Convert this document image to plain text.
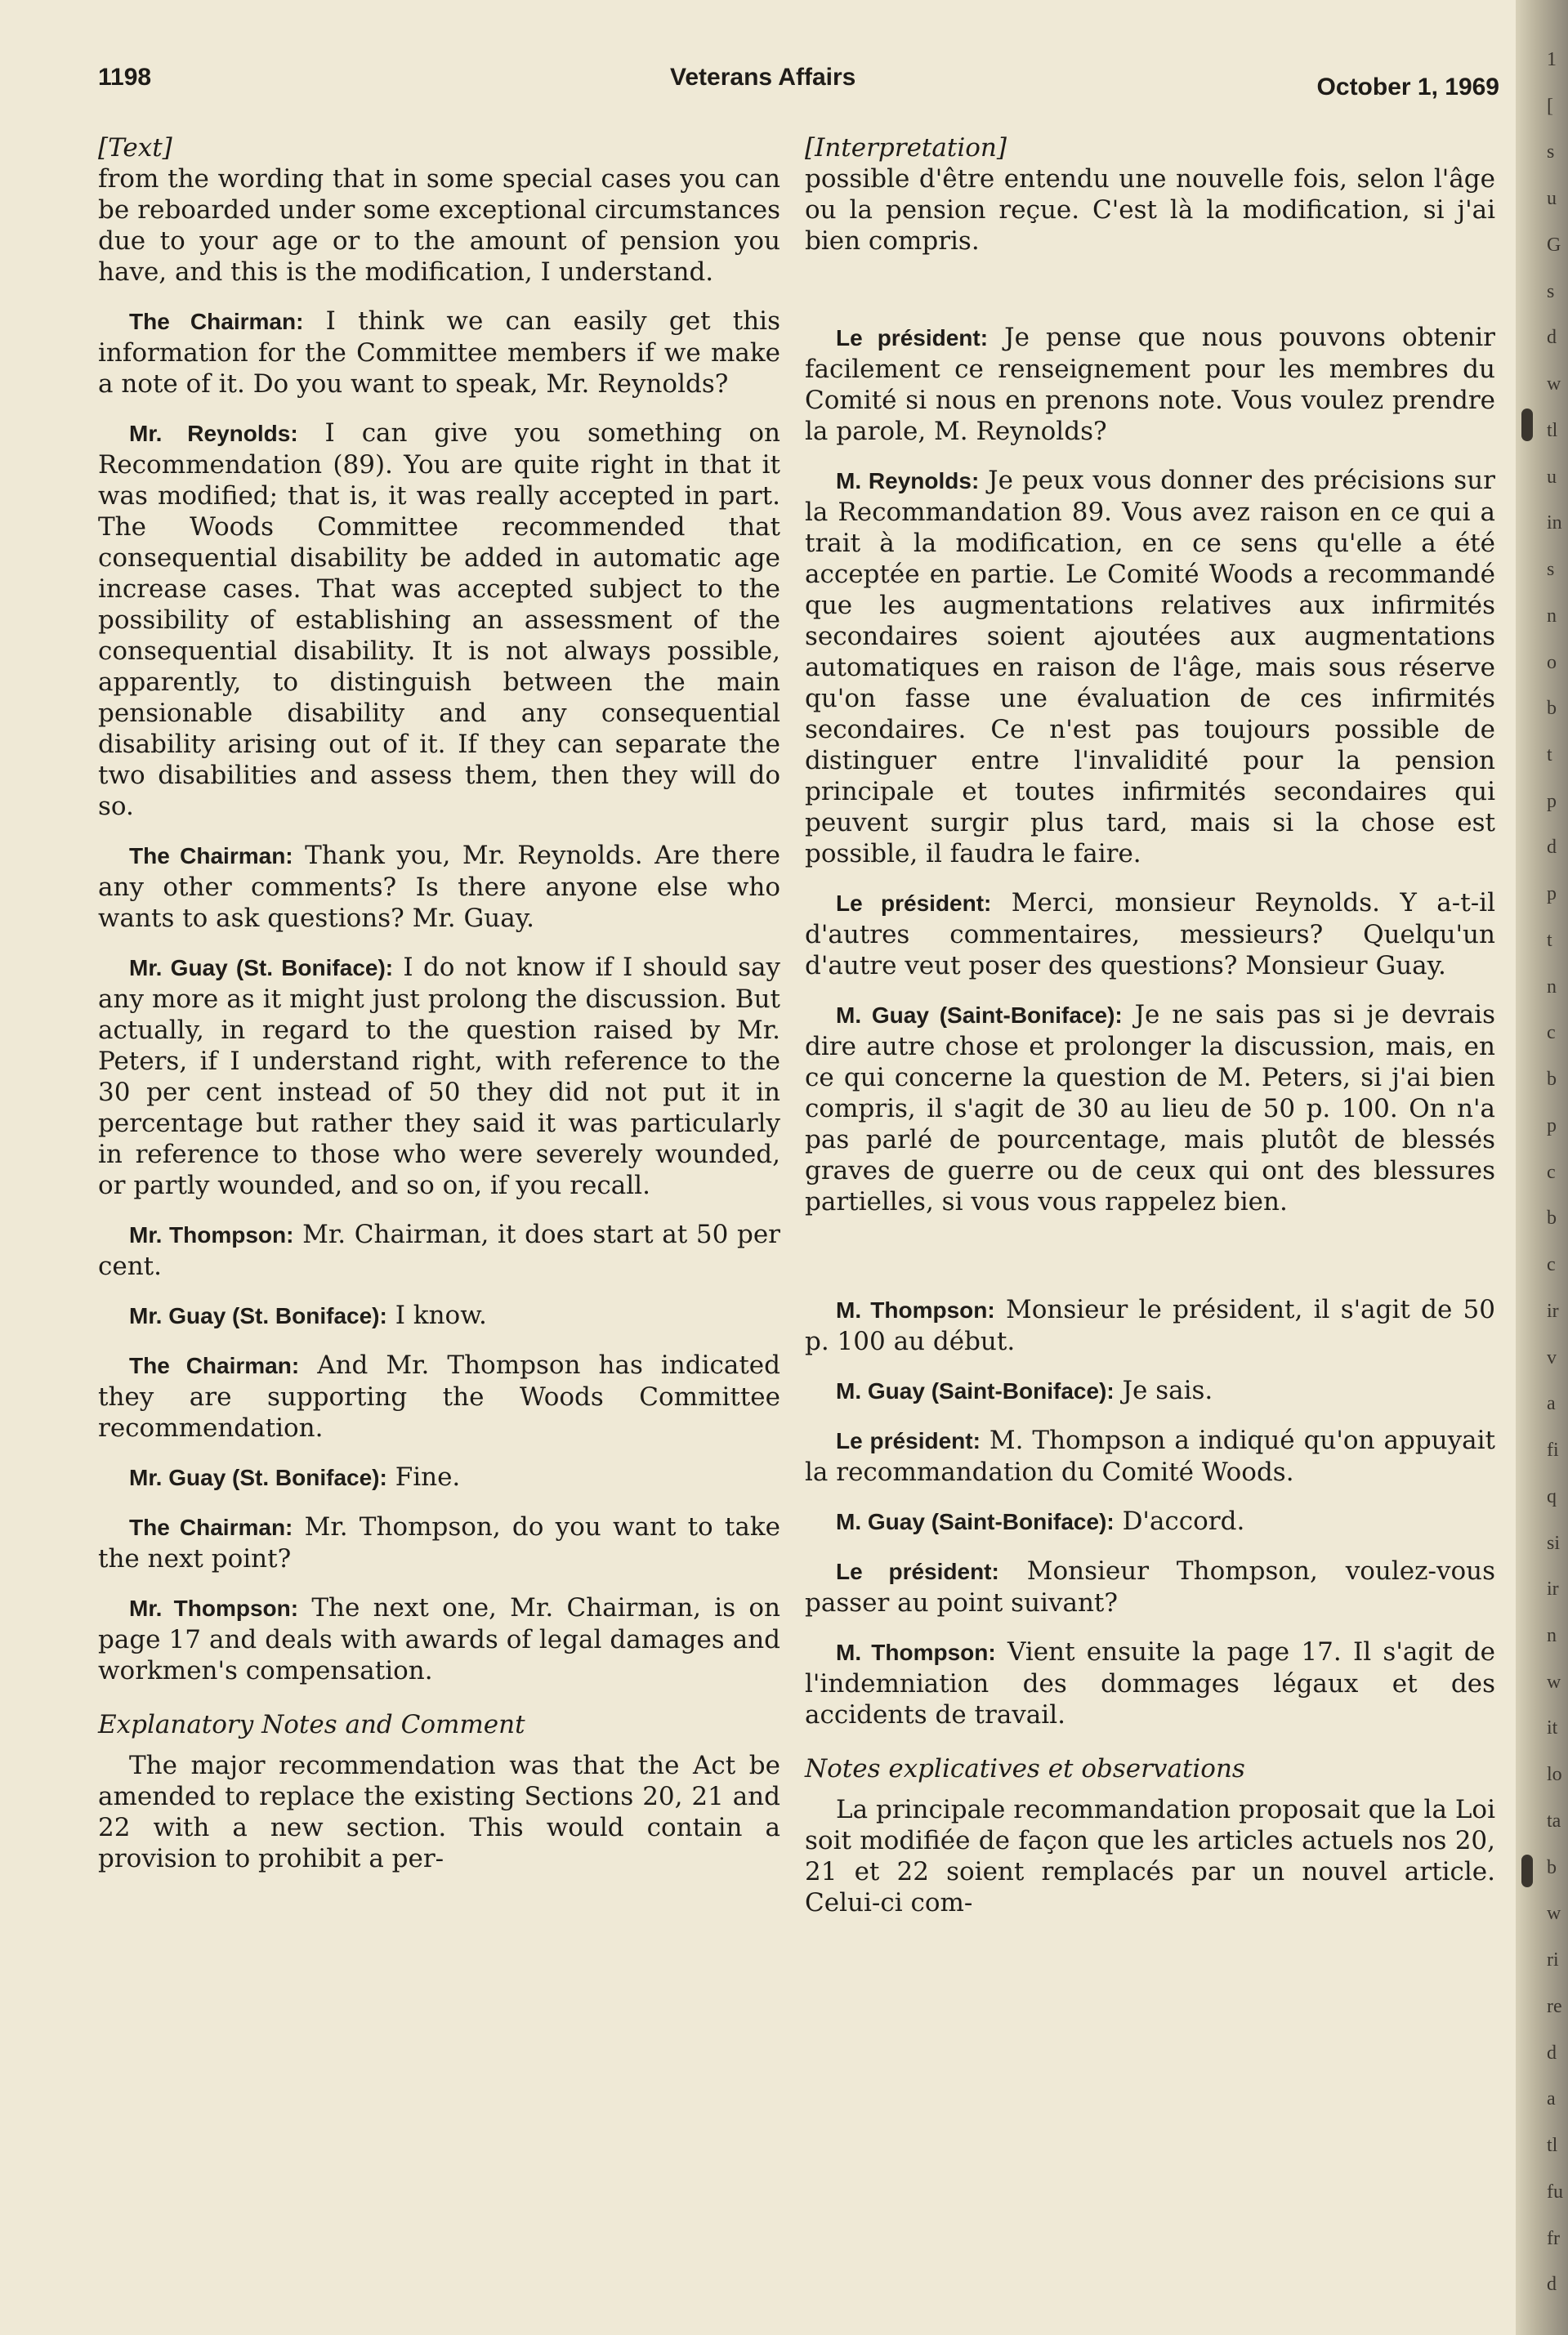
1198	Veterans Affairs	October 1, 1969
[Text]
from the wording that in some special cases you can be reboarded under some exceptional circumstances due to your age or to the amount of pension you have, and this is the modification, I understand.
The Chairman: I think we can easily get this information for the Committee members if we make a note of it. Do you want to speak, Mr. Reynolds?
Mr. Reynolds: I can give you something on Recommendation (89). You are quite right in that it was modified; that is, it was really accepted in part. The Woods Committee recommended that consequential disability be added in automatic age increase cases. That was accepted subject to the possibility of establishing an assessment of the consequential disability. It is not always possible, apparently, to distinguish between the main pensionable disability and any consequential disability arising out of it. If they can separate the two disabilities and assess them, then they will do so.
The Chairman: Thank you, Mr. Reynolds. Are there any other comments? Is there anyone else who wants to ask questions? Mr. Guay.
Mr. Guay (St. Boniface): I do not know if I should say any more as it might just prolong the discussion. But actually, in regard to the question raised by Mr. Peters, if I understand right, with reference to the 30 per cent instead of 50 they did not put it in percentage but rather they said it was particularly in reference to those who were severely wounded, or partly wounded, and so on, if you recall.
Mr. Thompson: Mr. Chairman, it does start at 50 per cent.
Mr. Guay (St. Boniface): I know.
The Chairman: And Mr. Thompson has indicated they are supporting the Woods Committee recommendation.
Mr. Guay (St. Boniface): Fine.
The Chairman: Mr. Thompson, do you want to take the next point?
Mr. Thompson: The next one, Mr. Chairman, is on page 17 and deals with awards of legal damages and workmen's compensation.
Explanatory Notes and Comment
The major recommendation was that the Act be amended to replace the existing Sections 20, 21 and 22 with a new section. This would contain a provision to prohibit a per-
[Interpretation]
possible d'être entendu une nouvelle fois, selon l'âge ou la pension reçue. C'est là la modification, si j'ai bien compris.
Le président: Je pense que nous pouvons obtenir facilement ce renseignement pour les membres du Comité si nous en prenons note. Vous voulez prendre la parole, M. Reynolds?
M. Reynolds: Je peux vous donner des précisions sur la Recommandation 89. Vous avez raison en ce qui a trait à la modification, en ce sens qu'elle a été acceptée en partie. Le Comité Woods a recommandé que les augmentations relatives aux infirmités secondaires soient ajoutées aux augmentations automatiques en raison de l'âge, mais sous réserve qu'on fasse une évaluation de ces infirmités secondaires. Ce n'est pas toujours possible de distinguer entre l'invalidité pour la pension principale et toutes infirmités secondaires qui peuvent surgir plus tard, mais si la chose est possible, il faudra le faire.
Le président: Merci, monsieur Reynolds. Y a-t-il d'autres commentaires, messieurs? Quelqu'un d'autre veut poser des questions? Monsieur Guay.
M. Guay (Saint-Boniface): Je ne sais pas si je devrais dire autre chose et prolonger la discussion, mais, en ce qui concerne la question de M. Peters, si j'ai bien compris, il s'agit de 30 au lieu de 50 p. 100. On n'a pas parlé de pourcentage, mais plutôt de blessés graves de guerre ou de ceux qui ont des blessures partielles, si vous vous rappelez bien.
M. Thompson: Monsieur le président, il s'agit de 50 p. 100 au début.
M. Guay (Saint-Boniface): Je sais.
Le président: M. Thompson a indiqué qu'on appuyait la recommandation du Comité Woods.
M. Guay (Saint-Boniface): D'accord.
Le président: Monsieur Thompson, voulez-vous passer au point suivant?
M. Thompson: Vient ensuite la page 17. Il s'agit de l'indemniation des dommages légaux et des accidents de travail.
Notes explicatives et observations
La principale recommandation proposait que la Loi soit modifiée de façon que les articles actuels nos 20, 21 et 22 soient remplacés par un nouvel article. Celui-ci com-
1
[
s
u
G
s
d
w
tl
u
in
s
n
o
b
t
p
d
p
t
n
c
b
p
c
b
c
ir
v
a
fi
q
si
ir
n
w
it
lo
ta
b
w
ri
re
d
a
tl
fu
fr
d
